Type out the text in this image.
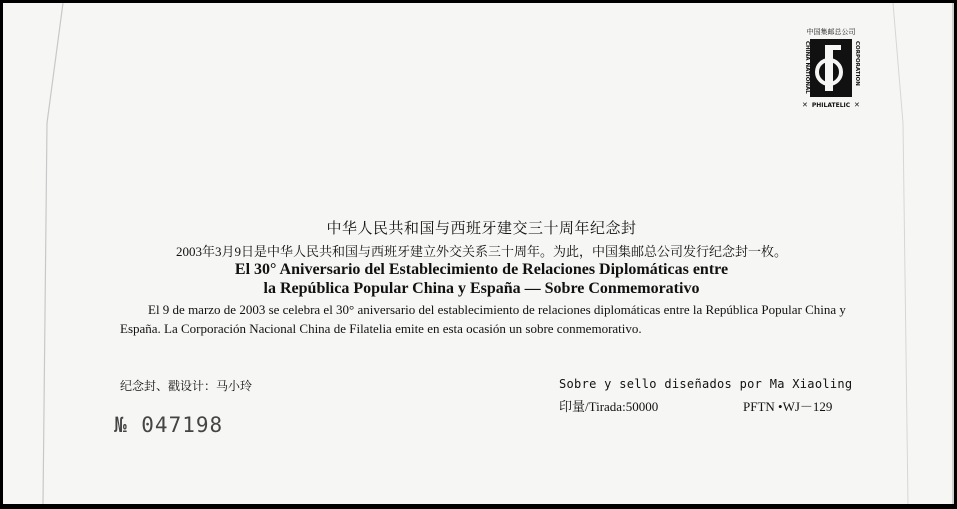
中国集邮总公司
CHINA NATIONAL	CORPORATION
PHILATELIC
✕	✕
中华人民共和国与西班牙建交三十周年纪念封
2003年3月9日是中华人民共和国与西班牙建立外交关系三十周年。为此，中国集邮总公司发行纪念封一枚。
El 30° Aniversario del Establecimiento de Relaciones Diplomáticas entre
la República Popular China y España — Sobre Conmemorativo
El 9 de marzo de 2003 se celebra el 30° aniversario del establecimiento de relaciones diplomáticas entre la República Popular China y España. La Corporación Nacional China de Filatelia emite en esta ocasión un sobre conmemorativo.
纪念封、戳设计：马小玲	Sobre y sello diseñados por Ma Xiaoling
印量/Tirada:50000	PFTN •WJ－129
№ 047198
